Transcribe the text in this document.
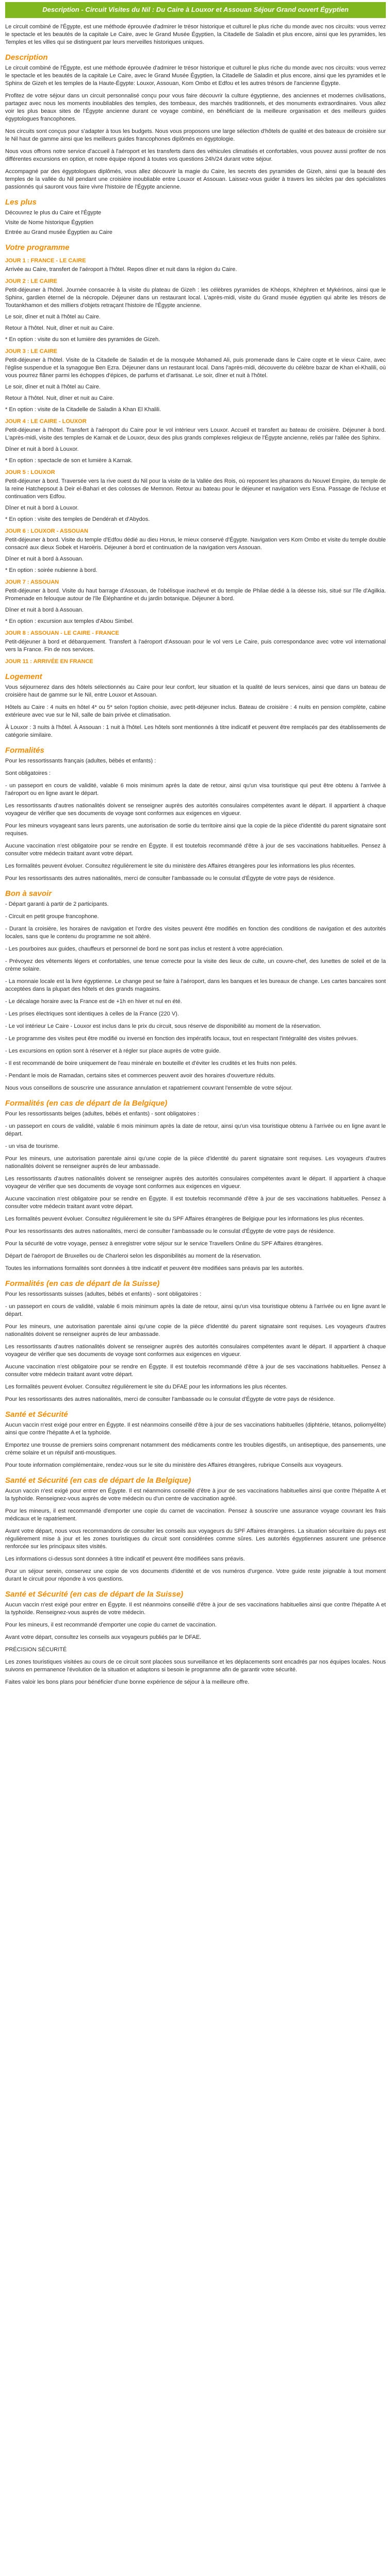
Description - Circuit Visites du Nil : Du Caire à Louxor et Assouan Séjour Grand ouvert Égyptien

Le circuit combiné de l'Égypte, est une méthode éprouvée d'admirer le trésor historique et culturel le plus riche du monde avec nos circuits: vous verrez le spectacle et les beautés de la capitale Le Caire, avec le Grand Musée Égyptien, la Citadelle de Saladin et plus encore, ainsi que les pyramides, les Temples et les villes qui se distinguent par leurs merveilles historiques uniques.

Description

Le circuit combiné de l'Égypte, est une méthode éprouvée d'admirer le trésor historique et culturel le plus riche du monde avec nos circuits: vous verrez le spectacle et les beautés de la capitale Le Caire, avec le Grand Musée Égyptien, la Citadelle de Saladin et plus encore, ainsi que les pyramides et le Sphinx de Gizeh et les temples de la Haute-Égypte: Louxor, Assouan, Kom Ombo et Edfou et les autres trésors de l'ancienne Égypte.

Profitez de votre séjour dans un circuit personnalisé conçu pour vous faire découvrir la culture égyptienne, des anciennes et modernes civilisations, partagez avec nous les moments inoubliables des temples, des tombeaux, des marchés traditionnels, et des monuments extraordinaires. Vous allez voir les plus beaux sites de l'Égypte ancienne durant ce voyage combiné, en bénéficiant de la meilleure organisation et des meilleurs guides égyptologues francophones.

Nos circuits sont conçus pour s'adapter à tous les budgets. Nous vous proposons une large sélection d'hôtels de qualité et des bateaux de croisière sur le Nil haut de gamme ainsi que les meilleurs guides francophones diplômés en égyptologie.

Nous vous offrons notre service d'accueil à l'aéroport et les transferts dans des véhicules climatisés et confortables, vous pouvez aussi profiter de nos différentes excursions en option, et notre équipe répond à toutes vos questions 24h/24 durant votre séjour.

Accompagné par des égyptologues diplômés, vous allez découvrir la magie du Caire, les secrets des pyramides de Gizeh, ainsi que la beauté des temples de la vallée du Nil pendant une croisière inoubliable entre Louxor et Assouan. Laissez-vous guider à travers les siècles par des spécialistes passionnés qui sauront vous faire vivre l'histoire de l'Égypte ancienne.

Les plus

Découvrez le plus du Caire et l'Égypte

Visite de Nome historique Égyptien

Entrée au Grand musée Égyptien au Caire

Votre programme
JOUR 1 : FRANCE - LE CAIRE

Arrivée au Caire, transfert de l'aéroport à l'hôtel. Repos dîner et nuit dans la région du Caire.

JOUR 2 : LE CAIRE

Petit-déjeuner à l'hôtel. Journée consacrée à la visite du plateau de Gizeh : les célèbres pyramides de Khéops, Khéphren et Mykérinos, ainsi que le Sphinx, gardien éternel de la nécropole. Déjeuner dans un restaurant local. L'après-midi, visite du Grand musée égyptien qui abrite les trésors de Toutankhamon et des milliers d'objets retraçant l'histoire de l'Égypte ancienne.

Le soir, dîner et nuit à l'hôtel au Caire.

Retour à l'hôtel. Nuit, dîner et nuit au Caire.

* En option : visite du son et lumière des pyramides de Gizeh.

JOUR 3 : LE CAIRE

Petit-déjeuner à l'hôtel. Visite de la Citadelle de Saladin et de la mosquée Mohamed Ali, puis promenade dans le Caire copte et le vieux Caire, avec l'église suspendue et la synagogue Ben Ezra. Déjeuner dans un restaurant local. Dans l'après-midi, découverte du célèbre bazar de Khan el-Khalili, où vous pourrez flâner parmi les échoppes d'épices, de parfums et d'artisanat. Le soir, dîner et nuit à l'hôtel.

Le soir, dîner et nuit à l'hôtel au Caire.

Retour à l'hôtel. Nuit, dîner et nuit au Caire.

* En option : visite de la Citadelle de Saladin à Khan El Khalili.

JOUR 4 : LE CAIRE - LOUXOR

Petit-déjeuner à l'hôtel. Transfert à l'aéroport du Caire pour le vol intérieur vers Louxor. Accueil et transfert au bateau de croisière. Déjeuner à bord. L'après-midi, visite des temples de Karnak et de Louxor, deux des plus grands complexes religieux de l'Égypte ancienne, reliés par l'allée des Sphinx.

Dîner et nuit à bord à Louxor.

* En option : spectacle de son et lumière à Karnak.

JOUR 5 : LOUXOR

Petit-déjeuner à bord. Traversée vers la rive ouest du Nil pour la visite de la Vallée des Rois, où reposent les pharaons du Nouvel Empire, du temple de la reine Hatchepsout à Deir el-Bahari et des colosses de Memnon. Retour au bateau pour le déjeuner et navigation vers Esna. Passage de l'écluse et continuation vers Edfou.

Dîner et nuit à bord à Louxor.

* En option : visite des temples de Dendérah et d'Abydos.

JOUR 6 : LOUXOR - ASSOUAN

Petit-déjeuner à bord. Visite du temple d'Edfou dédié au dieu Horus, le mieux conservé d'Égypte. Navigation vers Kom Ombo et visite du temple double consacré aux dieux Sobek et Haroëris. Déjeuner à bord et continuation de la navigation vers Assouan.

Dîner et nuit à bord à Assouan.

* En option : soirée nubienne à bord.

JOUR 7 : ASSOUAN

Petit-déjeuner à bord. Visite du haut barrage d'Assouan, de l'obélisque inachevé et du temple de Philae dédié à la déesse Isis, situé sur l'île d'Agilkia. Promenade en felouque autour de l'île Éléphantine et du jardin botanique. Déjeuner à bord.

Dîner et nuit à bord à Assouan.

* En option : excursion aux temples d'Abou Simbel.

JOUR 8 : ASSOUAN - LE CAIRE - FRANCE

Petit-déjeuner à bord et débarquement. Transfert à l'aéroport d'Assouan pour le vol vers Le Caire, puis correspondance avec votre vol international vers la France. Fin de nos services.

JOUR 11 : ARRIVÉE EN FRANCE
Logement

Vous séjournerez dans des hôtels sélectionnés au Caire pour leur confort, leur situation et la qualité de leurs services, ainsi que dans un bateau de croisière haut de gamme sur le Nil, entre Louxor et Assouan.

Hôtels au Caire : 4 nuits en hôtel 4* ou 5* selon l'option choisie, avec petit-déjeuner inclus. Bateau de croisière : 4 nuits en pension complète, cabine extérieure avec vue sur le Nil, salle de bain privée et climatisation.

À Louxor : 3 nuits à l'hôtel. À Assouan : 1 nuit à l'hôtel. Les hôtels sont mentionnés à titre indicatif et peuvent être remplacés par des établissements de catégorie similaire.

Formalités

Pour les ressortissants français (adultes, bébés et enfants) :

Sont obligatoires :

- un passeport en cours de validité, valable 6 mois minimum après la date de retour, ainsi qu'un visa touristique qui peut être obtenu à l'arrivée à l'aéroport ou en ligne avant le départ.

Les ressortissants d'autres nationalités doivent se renseigner auprès des autorités consulaires compétentes avant le départ. Il appartient à chaque voyageur de vérifier que ses documents de voyage sont conformes aux exigences en vigueur.

Pour les mineurs voyageant sans leurs parents, une autorisation de sortie du territoire ainsi que la copie de la pièce d'identité du parent signataire sont requises.

Aucune vaccination n'est obligatoire pour se rendre en Égypte. Il est toutefois recommandé d'être à jour de ses vaccinations habituelles. Pensez à consulter votre médecin traitant avant votre départ.

Les formalités peuvent évoluer. Consultez régulièrement le site du ministère des Affaires étrangères pour les informations les plus récentes.

Pour les ressortissants des autres nationalités, merci de consulter l'ambassade ou le consulat d'Égypte de votre pays de résidence.

Bon à savoir

- Départ garanti à partir de 2 participants.

- Circuit en petit groupe francophone.

- Durant la croisière, les horaires de navigation et l'ordre des visites peuvent être modifiés en fonction des conditions de navigation et des autorités locales, sans que le contenu du programme ne soit altéré.

- Les pourboires aux guides, chauffeurs et personnel de bord ne sont pas inclus et restent à votre appréciation.

- Prévoyez des vêtements légers et confortables, une tenue correcte pour la visite des lieux de culte, un couvre-chef, des lunettes de soleil et de la crème solaire.

- La monnaie locale est la livre égyptienne. Le change peut se faire à l'aéroport, dans les banques et les bureaux de change. Les cartes bancaires sont acceptées dans la plupart des hôtels et des grands magasins.

- Le décalage horaire avec la France est de +1h en hiver et nul en été.

- Les prises électriques sont identiques à celles de la France (220 V).

- Le vol intérieur Le Caire - Louxor est inclus dans le prix du circuit, sous réserve de disponibilité au moment de la réservation.

- Le programme des visites peut être modifié ou inversé en fonction des impératifs locaux, tout en respectant l'intégralité des visites prévues.

- Les excursions en option sont à réserver et à régler sur place auprès de votre guide.

- Il est recommandé de boire uniquement de l'eau minérale en bouteille et d'éviter les crudités et les fruits non pelés.

- Pendant le mois de Ramadan, certains sites et commerces peuvent avoir des horaires d'ouverture réduits.

Nous vous conseillons de souscrire une assurance annulation et rapatriement couvrant l'ensemble de votre séjour.

Formalités (en cas de départ de la Belgique)

Pour les ressortissants belges (adultes, bébés et enfants) - sont obligatoires :

- un passeport en cours de validité, valable 6 mois minimum après la date de retour, ainsi qu'un visa touristique obtenu à l'arrivée ou en ligne avant le départ.

- un visa de tourisme.

Pour les mineurs, une autorisation parentale ainsi qu'une copie de la pièce d'identité du parent signataire sont requises. Les voyageurs d'autres nationalités doivent se renseigner auprès de leur ambassade.

Les ressortissants d'autres nationalités doivent se renseigner auprès des autorités consulaires compétentes avant le départ. Il appartient à chaque voyageur de vérifier que ses documents de voyage sont conformes aux exigences en vigueur.

Aucune vaccination n'est obligatoire pour se rendre en Égypte. Il est toutefois recommandé d'être à jour de ses vaccinations habituelles. Pensez à consulter votre médecin traitant avant votre départ.

Les formalités peuvent évoluer. Consultez régulièrement le site du SPF Affaires étrangères de Belgique pour les informations les plus récentes.

Pour les ressortissants des autres nationalités, merci de consulter l'ambassade ou le consulat d'Égypte de votre pays de résidence.

Pour la sécurité de votre voyage, pensez à enregistrer votre séjour sur le service Travellers Online du SPF Affaires étrangères.

Départ de l'aéroport de Bruxelles ou de Charleroi selon les disponibilités au moment de la réservation.

Toutes les informations formalités sont données à titre indicatif et peuvent être modifiées sans préavis par les autorités.

Formalités (en cas de départ de la Suisse)

Pour les ressortissants suisses (adultes, bébés et enfants) - sont obligatoires :

- un passeport en cours de validité, valable 6 mois minimum après la date de retour, ainsi qu'un visa touristique obtenu à l'arrivée ou en ligne avant le départ.

Pour les mineurs, une autorisation parentale ainsi qu'une copie de la pièce d'identité du parent signataire sont requises. Les voyageurs d'autres nationalités doivent se renseigner auprès de leur ambassade.

Les ressortissants d'autres nationalités doivent se renseigner auprès des autorités consulaires compétentes avant le départ. Il appartient à chaque voyageur de vérifier que ses documents de voyage sont conformes aux exigences en vigueur.

Aucune vaccination n'est obligatoire pour se rendre en Égypte. Il est toutefois recommandé d'être à jour de ses vaccinations habituelles. Pensez à consulter votre médecin traitant avant votre départ.

Les formalités peuvent évoluer. Consultez régulièrement le site du DFAE pour les informations les plus récentes.

Pour les ressortissants des autres nationalités, merci de consulter l'ambassade ou le consulat d'Égypte de votre pays de résidence.

Santé et Sécurité

Aucun vaccin n'est exigé pour entrer en Égypte. Il est néanmoins conseillé d'être à jour de ses vaccinations habituelles (diphtérie, tétanos, poliomyélite) ainsi que contre l'hépatite A et la typhoïde.

Emportez une trousse de premiers soins comprenant notamment des médicaments contre les troubles digestifs, un antiseptique, des pansements, une crème solaire et un répulsif anti-moustiques.

Pour toute information complémentaire, rendez-vous sur le site du ministère des Affaires étrangères, rubrique Conseils aux voyageurs.

Santé et Sécurité (en cas de départ de la Belgique)

Aucun vaccin n'est exigé pour entrer en Égypte. Il est néanmoins conseillé d'être à jour de ses vaccinations habituelles ainsi que contre l'hépatite A et la typhoïde. Renseignez-vous auprès de votre médecin ou d'un centre de vaccination agréé.

Pour les mineurs, il est recommandé d'emporter une copie du carnet de vaccination. Pensez à souscrire une assurance voyage couvrant les frais médicaux et le rapatriement.

Avant votre départ, nous vous recommandons de consulter les conseils aux voyageurs du SPF Affaires étrangères. La situation sécuritaire du pays est régulièrement mise à jour et les zones touristiques du circuit sont considérées comme sûres. Les autorités égyptiennes assurent une présence renforcée sur les principaux sites visités.

Les informations ci-dessus sont données à titre indicatif et peuvent être modifiées sans préavis.

Pour un séjour serein, conservez une copie de vos documents d'identité et de vos numéros d'urgence. Votre guide reste joignable à tout moment durant le circuit pour répondre à vos questions.

Santé et Sécurité (en cas de départ de la Suisse)

Aucun vaccin n'est exigé pour entrer en Égypte. Il est néanmoins conseillé d'être à jour de ses vaccinations habituelles ainsi que contre l'hépatite A et la typhoïde. Renseignez-vous auprès de votre médecin.

Pour les mineurs, il est recommandé d'emporter une copie du carnet de vaccination.

Avant votre départ, consultez les conseils aux voyageurs publiés par le DFAE.

PRÉCISION SÉCURITÉ

Les zones touristiques visitées au cours de ce circuit sont placées sous surveillance et les déplacements sont encadrés par nos équipes locales. Nous suivons en permanence l'évolution de la situation et adaptons si besoin le programme afin de garantir votre sécurité.

Faites valoir les bons plans pour bénéficier d'une bonne expérience de séjour à la meilleure offre.
